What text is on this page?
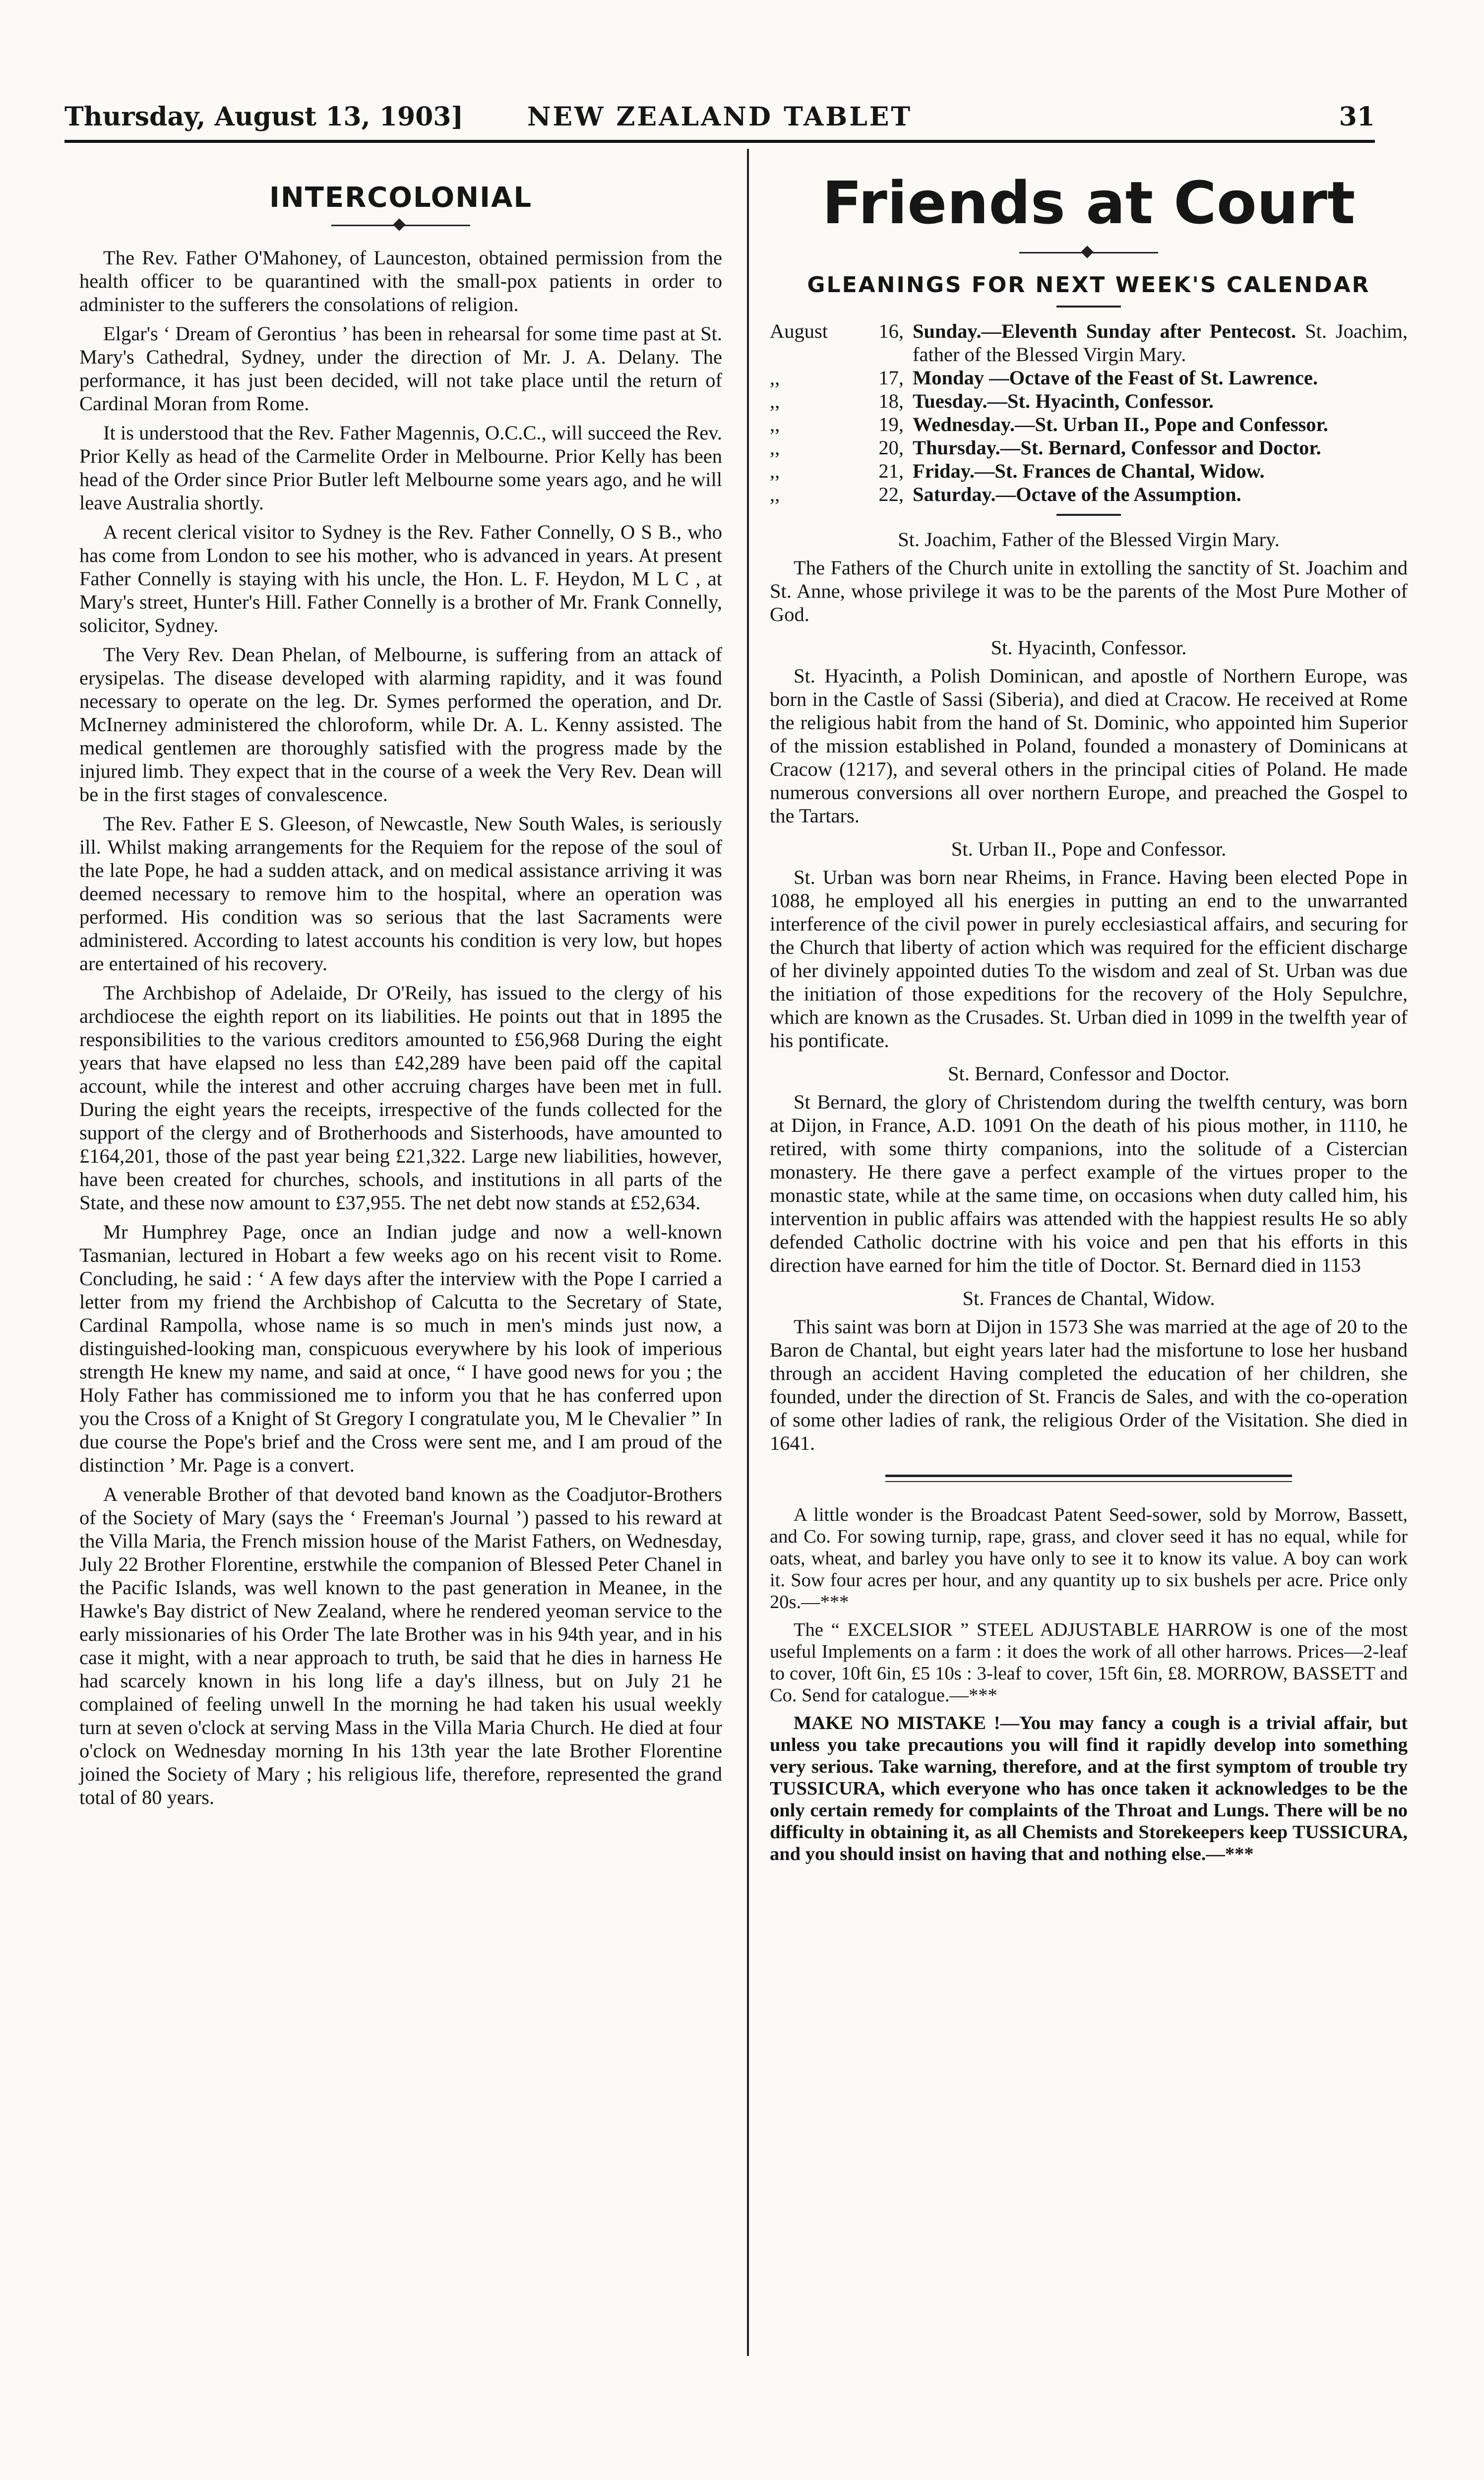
Thursday, August 13, 1903]	NEW ZEALAND TABLET	31
INTERCOLONIAL

The Rev. Father O'Mahoney, of Launceston, obtained permission from the health officer to be quarantined with the small-pox patients in order to administer to the sufferers the consolations of religion.

Elgar's ‘ Dream of Gerontius ’ has been in rehearsal for some time past at St. Mary's Cathedral, Sydney, under the direction of Mr. J. A. Delany. The performance, it has just been decided, will not take place until the return of Cardinal Moran from Rome.

It is understood that the Rev. Father Magennis, O.C.C., will succeed the Rev. Prior Kelly as head of the Carmelite Order in Melbourne. Prior Kelly has been head of the Order since Prior Butler left Melbourne some years ago, and he will leave Australia shortly.

A recent clerical visitor to Sydney is the Rev. Father Connelly, O S B., who has come from London to see his mother, who is advanced in years. At present Father Connelly is staying with his uncle, the Hon. L. F. Heydon, M L C , at Mary's street, Hunter's Hill. Father Connelly is a brother of Mr. Frank Connelly, solicitor, Sydney.

The Very Rev. Dean Phelan, of Melbourne, is suffering from an attack of erysipelas. The disease developed with alarming rapidity, and it was found necessary to operate on the leg. Dr. Symes performed the operation, and Dr. McInerney administered the chloroform, while Dr. A. L. Kenny assisted. The medical gentlemen are thoroughly satisfied with the progress made by the injured limb. They expect that in the course of a week the Very Rev. Dean will be in the first stages of convalescence.

The Rev. Father E S. Gleeson, of Newcastle, New South Wales, is seriously ill. Whilst making arrangements for the Requiem for the repose of the soul of the late Pope, he had a sudden attack, and on medical assistance arriving it was deemed necessary to remove him to the hospital, where an operation was performed. His condition was so serious that the last Sacraments were administered. According to latest accounts his condition is very low, but hopes are entertained of his recovery.

The Archbishop of Adelaide, Dr O'Reily, has issued to the clergy of his archdiocese the eighth report on its liabilities. He points out that in 1895 the responsibilities to the various creditors amounted to £56,968 During the eight years that have elapsed no less than £42,289 have been paid off the capital account, while the interest and other accruing charges have been met in full. During the eight years the receipts, irrespective of the funds collected for the support of the clergy and of Brotherhoods and Sisterhoods, have amounted to £164,201, those of the past year being £21,322. Large new liabilities, however, have been created for churches, schools, and institutions in all parts of the State, and these now amount to £37,955. The net debt now stands at £52,634.

Mr Humphrey Page, once an Indian judge and now a well-known Tasmanian, lectured in Hobart a few weeks ago on his recent visit to Rome. Concluding, he said : ‘ A few days after the interview with the Pope I carried a letter from my friend the Archbishop of Calcutta to the Secretary of State, Cardinal Rampolla, whose name is so much in men's minds just now, a distinguished-looking man, conspicuous everywhere by his look of imperious strength He knew my name, and said at once, “ I have good news for you ; the Holy Father has commissioned me to inform you that he has conferred upon you the Cross of a Knight of St Gregory I congratulate you, M le Chevalier ” In due course the Pope's brief and the Cross were sent me, and I am proud of the distinction ’ Mr. Page is a convert.

A venerable Brother of that devoted band known as the Coadjutor-Brothers of the Society of Mary (says the ‘ Freeman's Journal ’) passed to his reward at the Villa Maria, the French mission house of the Marist Fathers, on Wednesday, July 22 Brother Florentine, erstwhile the companion of Blessed Peter Chanel in the Pacific Islands, was well known to the past generation in Meanee, in the Hawke's Bay district of New Zealand, where he rendered yeoman service to the early missionaries of his Order The late Brother was in his 94th year, and in his case it might, with a near approach to truth, be said that he dies in harness He had scarcely known in his long life a day's illness, but on July 21 he complained of feeling unwell In the morning he had taken his usual weekly turn at seven o'clock at serving Mass in the Villa Maria Church. He died at four o'clock on Wednesday morning In his 13th year the late Brother Florentine joined the Society of Mary ; his religious life, therefore, represented the grand total of 80 years.

Friends at Court
GLEANINGS FOR NEXT WEEK'S CALENDAR
August	16, Sunday.—Eleventh Sunday after Pentecost. St. Joachim, father of the Blessed Virgin Mary.
,,	17, Monday —Octave of the Feast of St. Lawrence.
,,	18, Tuesday.—St. Hyacinth, Confessor.
,,	19, Wednesday.—St. Urban II., Pope and Confessor.
,,	20, Thursday.—St. Bernard, Confessor and Doctor.
,,	21, Friday.—St. Frances de Chantal, Widow.
,,	22, Saturday.—Octave of the Assumption.
St. Joachim, Father of the Blessed Virgin Mary.

The Fathers of the Church unite in extolling the sanctity of St. Joachim and St. Anne, whose privilege it was to be the parents of the Most Pure Mother of God.

St. Hyacinth, Confessor.

St. Hyacinth, a Polish Dominican, and apostle of Northern Europe, was born in the Castle of Sassi (Siberia), and died at Cracow. He received at Rome the religious habit from the hand of St. Dominic, who appointed him Superior of the mission established in Poland, founded a monastery of Dominicans at Cracow (1217), and several others in the principal cities of Poland. He made numerous conversions all over northern Europe, and preached the Gospel to the Tartars.

St. Urban II., Pope and Confessor.

St. Urban was born near Rheims, in France. Having been elected Pope in 1088, he employed all his energies in putting an end to the unwarranted interference of the civil power in purely ecclesiastical affairs, and securing for the Church that liberty of action which was required for the efficient discharge of her divinely appointed duties To the wisdom and zeal of St. Urban was due the initiation of those expeditions for the recovery of the Holy Sepulchre, which are known as the Crusades. St. Urban died in 1099 in the twelfth year of his pontificate.

St. Bernard, Confessor and Doctor.

St Bernard, the glory of Christendom during the twelfth century, was born at Dijon, in France, A.D. 1091 On the death of his pious mother, in 1110, he retired, with some thirty companions, into the solitude of a Cistercian monastery. He there gave a perfect example of the virtues proper to the monastic state, while at the same time, on occasions when duty called him, his intervention in public affairs was attended with the happiest results He so ably defended Catholic doctrine with his voice and pen that his efforts in this direction have earned for him the title of Doctor. St. Bernard died in 1153

St. Frances de Chantal, Widow.

This saint was born at Dijon in 1573 She was married at the age of 20 to the Baron de Chantal, but eight years later had the misfortune to lose her husband through an accident Having completed the education of her children, she founded, under the direction of St. Francis de Sales, and with the co-operation of some other ladies of rank, the religious Order of the Visitation. She died in 1641.

A little wonder is the Broadcast Patent Seed-sower, sold by Morrow, Bassett, and Co. For sowing turnip, rape, grass, and clover seed it has no equal, while for oats, wheat, and barley you have only to see it to know its value. A boy can work it. Sow four acres per hour, and any quantity up to six bushels per acre. Price only 20s.—***

The “ EXCELSIOR ” STEEL ADJUSTABLE HARROW is one of the most useful Implements on a farm : it does the work of all other harrows. Prices—2-leaf to cover, 10ft 6in, £5 10s : 3-leaf to cover, 15ft 6in, £8. MORROW, BASSETT and Co. Send for catalogue.—***

MAKE NO MISTAKE !—You may fancy a cough is a trivial affair, but unless you take precautions you will find it rapidly develop into something very serious. Take warning, therefore, and at the first symptom of trouble try TUSSICURA, which everyone who has once taken it acknowledges to be the only certain remedy for complaints of the Throat and Lungs. There will be no difficulty in obtaining it, as all Chemists and Storekeepers keep TUSSICURA, and you should insist on having that and nothing else.—***
